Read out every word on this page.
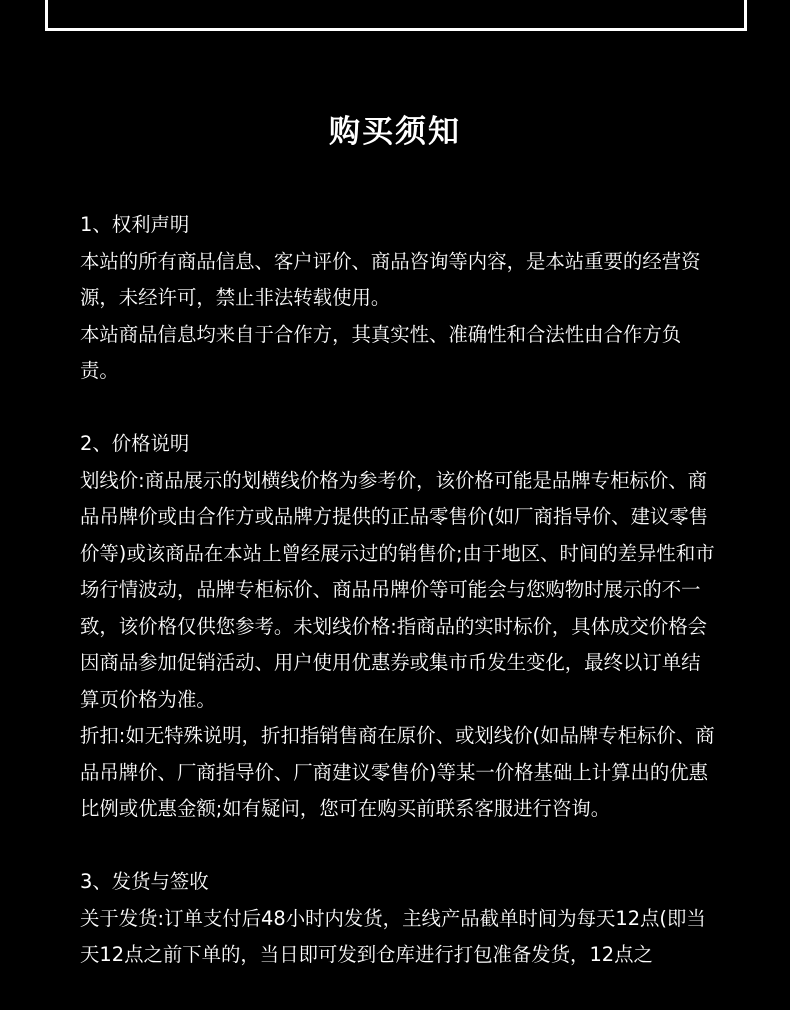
购买须知

1、权利声明

本站的所有商品信息、客户评价、商品咨询等内容，是本站重要的经营资源，未经许可，禁止非法转载使用。

本站商品信息均来自于合作方，其真实性、准确性和合法性由合作方负责。

2、价格说明

划线价:商品展示的划横线价格为参考价，该价格可能是品牌专柜标价、商品吊牌价或由合作方或品牌方提供的正品零售价(如厂商指导价、建议零售价等)或该商品在本站上曾经展示过的销售价;由于地区、时间的差异性和市场行情波动，品牌专柜标价、商品吊牌价等可能会与您购物时展示的不一致，该价格仅供您参考。未划线价格:指商品的实时标价，具体成交价格会因商品参加促销活动、用户使用优惠券或集市币发生变化，最终以订单结算页价格为准。

折扣:如无特殊说明，折扣指销售商在原价、或划线价(如品牌专柜标价、商品吊牌价、厂商指导价、厂商建议零售价)等某一价格基础上计算出的优惠比例或优惠金额;如有疑问，您可在购买前联系客服进行咨询。

3、发货与签收

关于发货:订单支付后48小时内发货，主线产品截单时间为每天12点(即当天12点之前下单的，当日即可发到仓库进行打包准备发货，12点之
